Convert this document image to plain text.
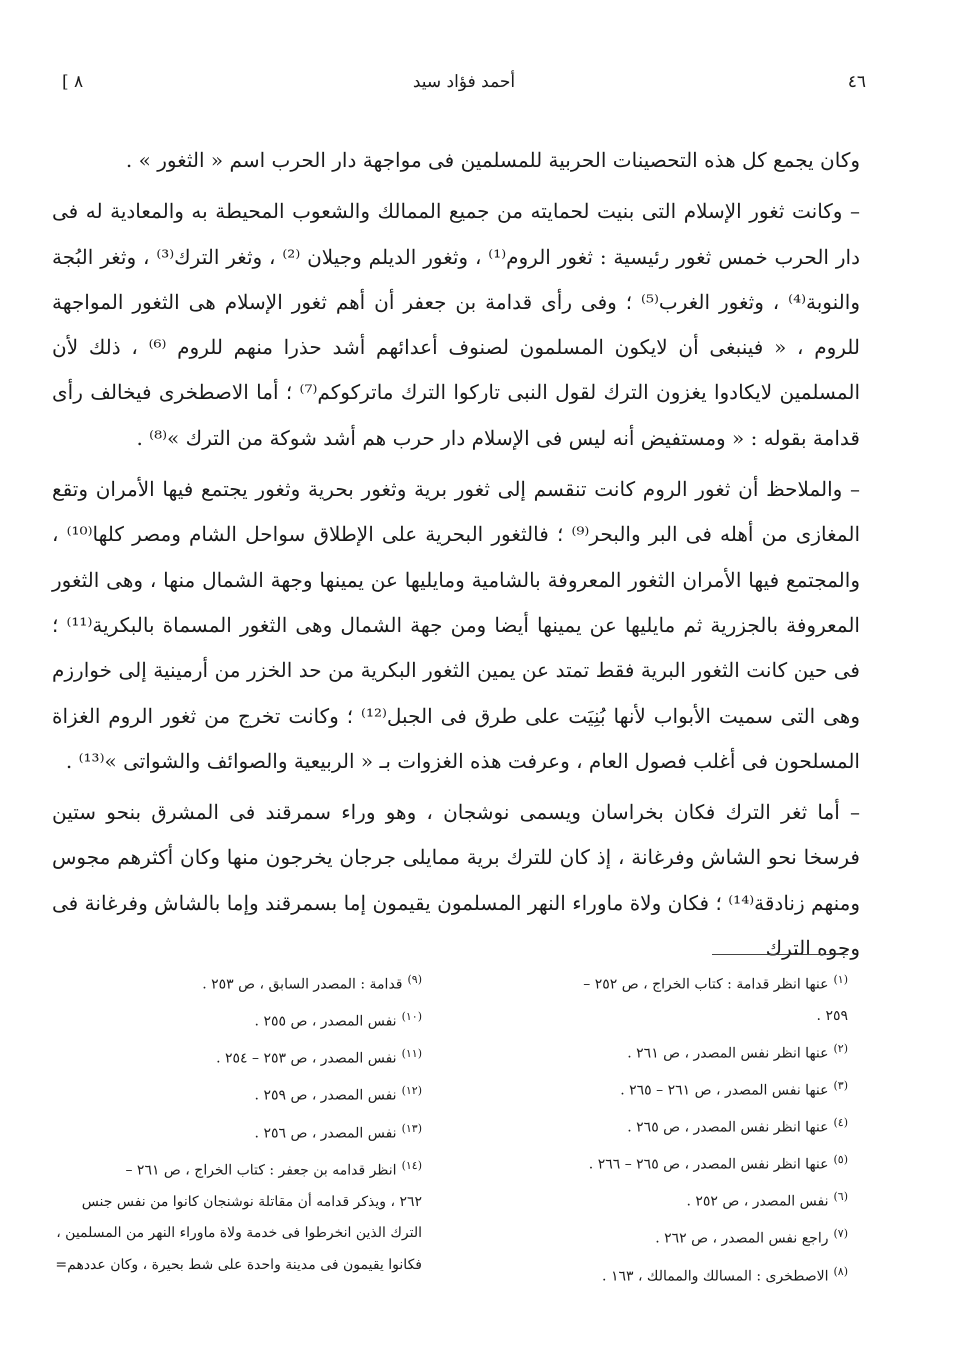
٤٦
أحمد فؤاد سيد
[ ٨

وكان يجمع كل هذه التحصينات الحربية للمسلمين فى مواجهة دار الحرب اسم « الثغور » .

– وكانت ثغور الإسلام التى بنيت لحمايته من جميع الممالك والشعوب المحيطة به والمعادية له فى دار الحرب خمس ثغور رئيسية : ثغور الروم⁽¹⁾ ، وثغور الديلم وجيلان ⁽²⁾ ، وثغر الترك⁽³⁾ ، وثغر البُجة والنوبة⁽⁴⁾ ، وثغور الغرب⁽⁵⁾ ؛ وفى رأى قدامة بن جعفر أن أهم ثغور الإسلام هى الثغور المواجهة للروم ، « فينبغى أن لايكون المسلمون لصنوف أعدائهم أشد حذرا منهم للروم ⁽⁶⁾ ، ذلك لأن المسلمين لايكادوا يغزون الترك لقول النبى تاركوا الترك ماتركوكم⁽⁷⁾ ؛ أما الاصطخرى فيخالف رأى قدامة بقوله : « ومستفيض أنه ليس فى الإسلام دار حرب هم أشد شوكة من الترك »⁽⁸⁾ .

– والملاحظ أن ثغور الروم كانت تنقسم إلى ثغور برية وثغور بحرية وثغور يجتمع فيها الأمران وتقع المغازى من أهله فى البر والبحر⁽⁹⁾ ؛ فالثغور البحرية على الإطلاق سواحل الشام ومصر كلها⁽¹⁰⁾ ، والمجتمع فيها الأمران الثغور المعروفة بالشامية ومايليها عن يمينها وجهة الشمال منها ، وهى الثغور المعروفة بالجزرية ثم مايليها عن يمينها أيضا ومن جهة الشمال وهى الثغور المسماة بالبكرية⁽¹¹⁾ ؛ فى حين كانت الثغور البرية فقط تمتد عن يمين الثغور البكرية من حد الخزر من أرمينية إلى خوارزم وهى التى سميت الأبواب لأنها بُنِيَت على طرق فى الجبل⁽¹²⁾ ؛ وكانت تخرج من ثغور الروم الغزاة المسلحون فى أغلب فصول العام ، وعرفت هذه الغزوات بـ « الربيعية والصوائف والشواتى »⁽¹³⁾ .

– أما ثغر الترك فكان بخراسان ويسمى نوشجان ، وهو وراء سمرقند فى المشرق بنحو ستين فرسخا نحو الشاش وفرغانة ، إذ كان للترك برية ممايلى جرجان يخرجون منها وكان أكثرهم مجوس ومنهم زنادقة⁽¹⁴⁾ ؛ فكان ولاة ماوراء النهر المسلمون يقيمون إما بسمرقند وإما بالشاش وفرغانة فى وجوه الترك

$^{(١)}$عنها انظر قدامة : كتاب الخراج ، ص ٢٥٢ –

٢٥٩ .

$^{(٢)}$عنها انظر نفس المصدر ، ص ٢٦١ .

$^{(٣)}$عنها نفس المصدر ، ص ٢٦١ – ٢٦٥ .

$^{(٤)}$عنها انظر نفس المصدر ، ص ٢٦٥ .

$^{(٥)}$عنها انظر نفس المصدر ، ص ٢٦٥ – ٢٦٦ .

$^{(٦)}$نفس المصدر ، ص ٢٥٢ .

$^{(٧)}$راجع نفس المصدر ، ص ٢٦٢ .

$^{(٨)}$الاصطخرى : المسالك والممالك ، ١٦٣ .

$^{(٩)}$قدامة : المصدر السابق ، ص ٢٥٣ .

$^{(١٠)}$نفس المصدر ، ص ٢٥٥ .

$^{(١١)}$نفس المصدر ، ص ٢٥٣ – ٢٥٤ .

$^{(١٢)}$نفس المصدر ، ص ٢٥٩ .

$^{(١٣)}$نفس المصدر ، ص ٢٥٦ .

$^{(١٤)}$انظر قدامه بن جعفر : كتاب الخراج ، ص ٢٦١ –

٢٦٢ ، ويذكر قدامه أن مقاتلة نوشنجان كانوا من نفس جنس

الترك الذين انخرطوا فى خدمة ولاة ماوراء النهر من المسلمين ،

فكانوا يقيمون فى مدينة واحدة على شط بحيرة ، وكان عددهم=
